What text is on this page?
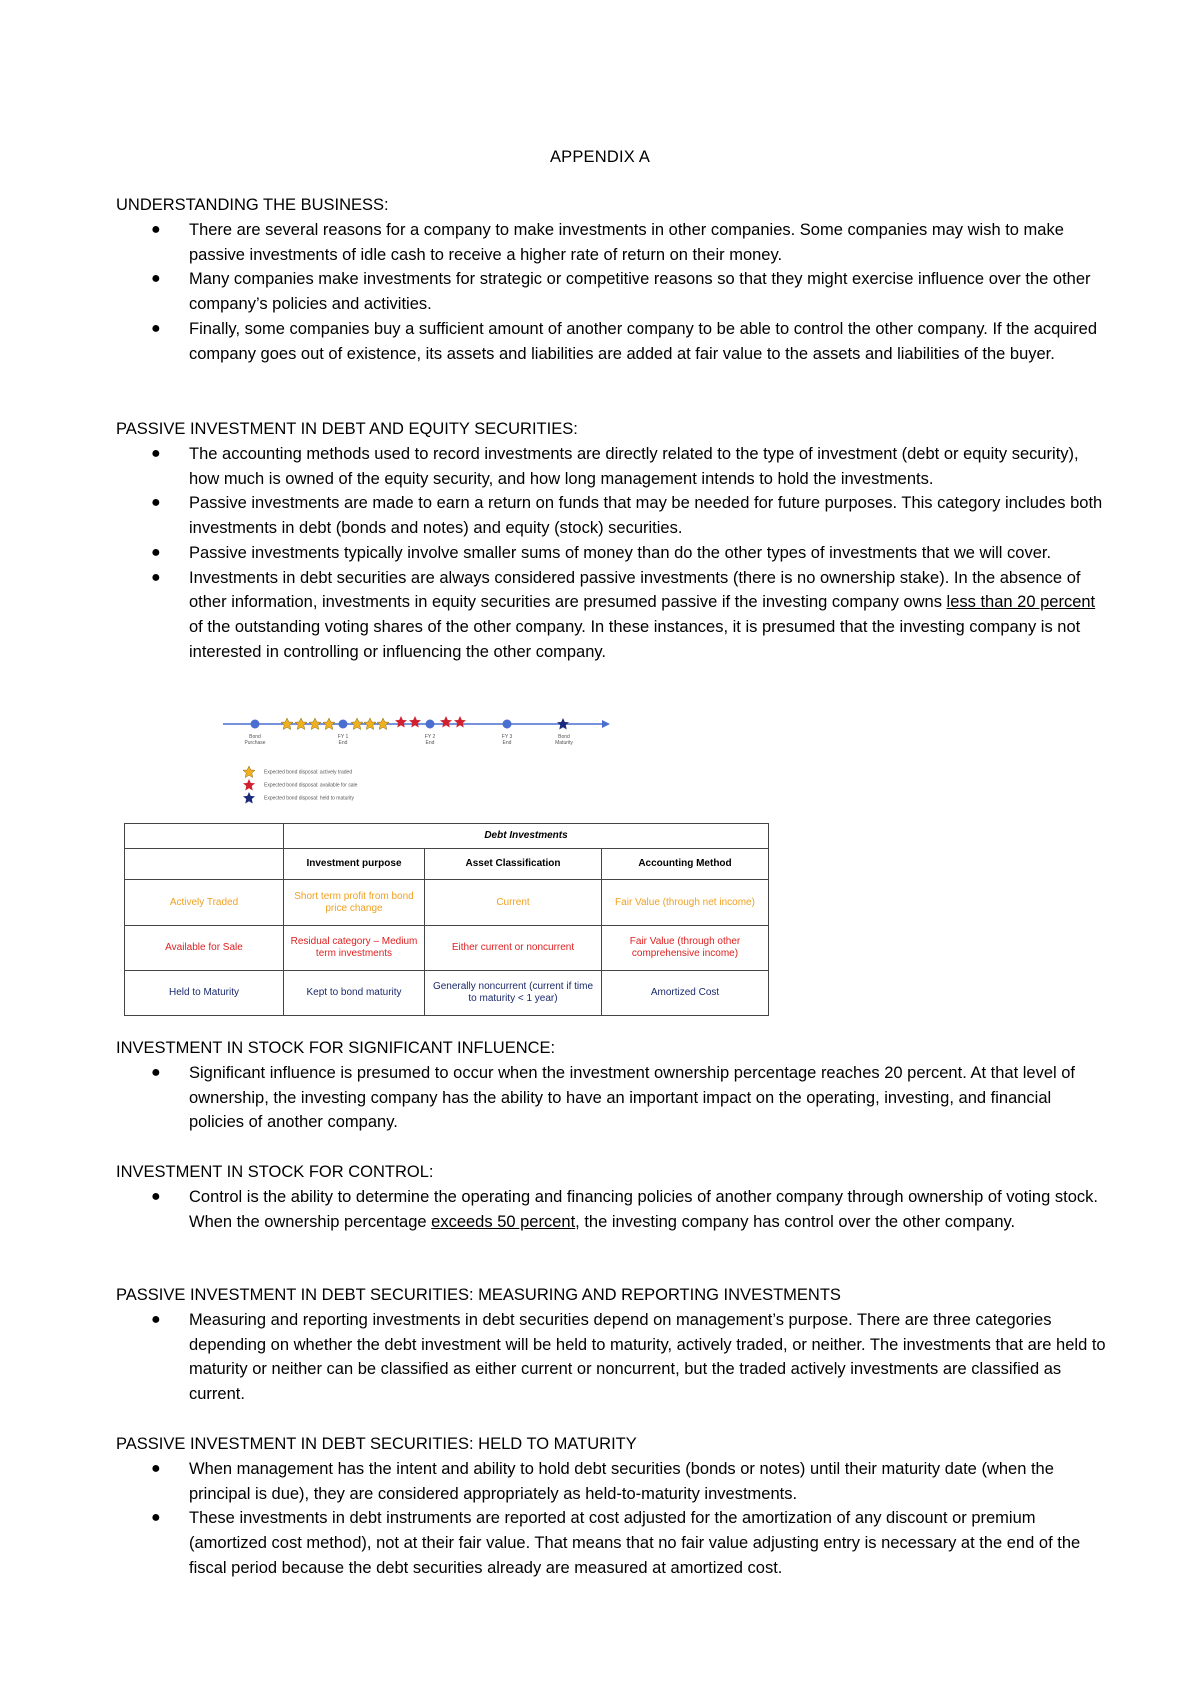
APPENDIX A
UNDERSTANDING THE BUSINESS:
● There are several reasons for a company to make investments in other companies. Some companies may wish to make passive investments of idle cash to receive a higher rate of return on their money.
● Many companies make investments for strategic or competitive reasons so that they might exercise influence over the other company’s policies and activities.
● Finally, some companies buy a sufficient amount of another company to be able to control the other company. If the acquired company goes out of existence, its assets and liabilities are added at fair value to the assets and liabilities of the buyer.
PASSIVE INVESTMENT IN DEBT AND EQUITY SECURITIES:
● The accounting methods used to record investments are directly related to the type of investment (debt or equity security), how much is owned of the equity security, and how long management intends to hold the investments.
● Passive investments are made to earn a return on funds that may be needed for future purposes. This category includes both investments in debt (bonds and notes) and equity (stock) securities.
● Passive investments typically involve smaller sums of money than do the other types of investments that we will cover.
● Investments in debt securities are always considered passive investments (there is no ownership stake). In the absence of other information, investments in equity securities are presumed passive if the investing company owns less than 20 percent of the outstanding voting shares of the other company. In these instances, it is presumed that the investing company is not interested in controlling or influencing the other company.
Bond
Purchase
FY 1
End
FY 2
End
FY 3
End
Bond
Maturity
Expected bond disposal: actively traded
Expected bond disposal: available for sale
Expected bond disposal: held to maturity
	Debt Investments		
	Investment purpose	Asset Classification	Accounting Method
Actively Traded	Short term profit from bond price change	Current	Fair Value (through net income)
Available for Sale	Residual category – Medium term investments	Either current or noncurrent	Fair Value (through other comprehensive income)
Held to Maturity	Kept to bond maturity	Generally noncurrent (current if time to maturity < 1 year)	Amortized Cost
INVESTMENT IN STOCK FOR SIGNIFICANT INFLUENCE:
● Significant influence is presumed to occur when the investment ownership percentage reaches 20 percent. At that level of ownership, the investing company has the ability to have an important impact on the operating, investing, and financial policies of another company.
INVESTMENT IN STOCK FOR CONTROL:
● Control is the ability to determine the operating and financing policies of another company through ownership of voting stock. When the ownership percentage exceeds 50 percent, the investing company has control over the other company.
PASSIVE INVESTMENT IN DEBT SECURITIES: MEASURING AND REPORTING INVESTMENTS
● Measuring and reporting investments in debt securities depend on management’s purpose. There are three categories depending on whether the debt investment will be held to maturity, actively traded, or neither. The investments that are held to maturity or neither can be classified as either current or noncurrent, but the traded actively investments are classified as current.
PASSIVE INVESTMENT IN DEBT SECURITIES: HELD TO MATURITY
● When management has the intent and ability to hold debt securities (bonds or notes) until their maturity date (when the principal is due), they are considered appropriately as held-to-maturity investments.
● These investments in debt instruments are reported at cost adjusted for the amortization of any discount or premium (amortized cost method), not at their fair value. That means that no fair value adjusting entry is necessary at the end of the fiscal period because the debt securities already are measured at amortized cost.
